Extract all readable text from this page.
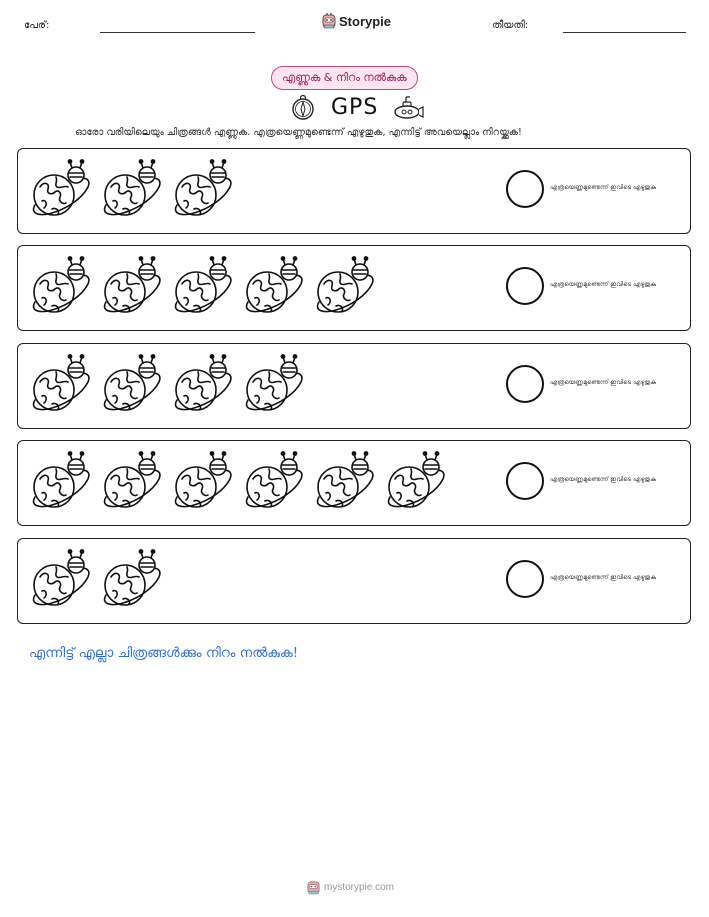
പേര്:	Storypie	തീയതി:
എണ്ണുക & നിറം നൽകുക
GPS
ഓരോ വരിയിലെയും ചിത്രങ്ങൾ എണ്ണുക. എത്രയെണ്ണമുണ്ടെന്ന് എഴുതുക, എന്നിട്ട് അവയെല്ലാം നിറയ്ക്കുക!
എത്രയെണ്ണമുണ്ടെന്ന് ഇവിടെ എഴുതുക
എത്രയെണ്ണമുണ്ടെന്ന് ഇവിടെ എഴുതുക
എത്രയെണ്ണമുണ്ടെന്ന് ഇവിടെ എഴുതുക
എത്രയെണ്ണമുണ്ടെന്ന് ഇവിടെ എഴുതുക
എത്രയെണ്ണമുണ്ടെന്ന് ഇവിടെ എഴുതുക
എന്നിട്ട് എല്ലാ ചിത്രങ്ങൾക്കും നിറം നൽകുക!
mystorypie.com
